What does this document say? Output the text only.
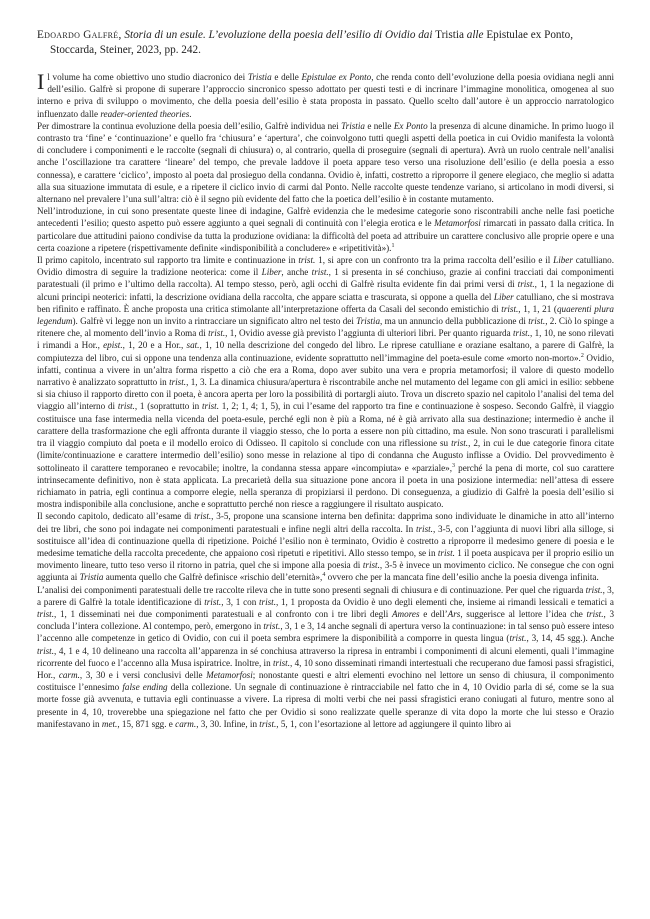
Edoardo Galfré, Storia di un esule. L’evoluzione della poesia dell’esilio di Ovidio dai Tristia alle Epistulae ex Ponto, Stoccarda, Steiner, 2023, pp. 242.

Il volume ha come obiettivo uno studio diacronico dei Tristia e delle Epistulae ex Ponto, che renda conto dell’evoluzione della poesia ovidiana negli anni dell’esilio. Galfrè si propone di superare l’approccio sincronico spesso adottato per questi testi e di incrinare l’immagine monolitica, omogenea al suo interno e priva di sviluppo o movimento, che della poesia dell’esilio è stata proposta in passato. Quello scelto dall’autore è un approccio narratologico influenzato dalle reader-oriented theories.

Per dimostrare la continua evoluzione della poesia dell’esilio, Galfrè individua nei Tristia e nelle Ex Ponto la presenza di alcune dinamiche. In primo luogo il contrasto tra ‘fine’ e ‘continuazione’ e quello fra ‘chiusura’ e ‘apertura’, che coinvolgono tutti quegli aspetti della poetica in cui Ovidio manifesta la volontà di concludere i componimenti e le raccolte (segnali di chiusura) o, al contrario, quella di proseguire (segnali di apertura). Avrà un ruolo centrale nell’analisi anche l’oscillazione tra carattere ‘lineare’ del tempo, che prevale laddove il poeta appare teso verso una risoluzione dell’esilio (e della poesia a esso connessa), e carattere ‘ciclico’, imposto al poeta dal prosieguo della condanna. Ovidio è, infatti, costretto a riproporre il genere elegiaco, che meglio si adatta alla sua situazione immutata di esule, e a ripetere il ciclico invio di carmi dal Ponto. Nelle raccolte queste tendenze variano, si articolano in modi diversi, si alternano nel prevalere l’una sull’altra: ciò è il segno più evidente del fatto che la poetica dell’esilio è in costante mutamento.

Nell’introduzione, in cui sono presentate queste linee di indagine, Galfrè evidenzia che le medesime categorie sono riscontrabili anche nelle fasi poetiche antecedenti l’esilio; questo aspetto può essere aggiunto a quei segnali di continuità con l’elegia erotica e le Metamorfosi rimarcati in passato dalla critica. In particolare due attitudini paiono condivise da tutta la produzione ovidiana: la difficoltà del poeta ad attribuire un carattere conclusivo alle proprie opere e una certa coazione a ripetere (rispettivamente definite «indisponibilità a concludere» e «ripetitività»).$^1$

Il primo capitolo, incentrato sul rapporto tra limite e continuazione in trist. 1, si apre con un confronto tra la prima raccolta dell’esilio e il Liber catulliano. Ovidio dimostra di seguire la tradizione neoterica: come il Liber, anche trist., 1 si presenta in sé conchiuso, grazie ai confini tracciati dai componimenti paratestuali (il primo e l’ultimo della raccolta). Al tempo stesso, però, agli occhi di Galfrè risulta evidente fin dai primi versi di trist., 1, 1 la negazione di alcuni principi neoterici: infatti, la descrizione ovidiana della raccolta, che appare sciatta e trascurata, si oppone a quella del Liber catulliano, che si mostrava ben rifinito e raffinato. È anche proposta una critica stimolante all’interpretazione offerta da Casali del secondo emistichio di trist., 1, 1, 21 (quaerenti plura legendum). Galfrè vi legge non un invito a rintracciare un significato altro nel testo dei Tristia, ma un annuncio della pubblicazione di trist., 2. Ciò lo spinge a ritenere che, al momento dell’invio a Roma di trist., 1, Ovidio avesse già previsto l’aggiunta di ulteriori libri. Per quanto riguarda trist., 1, 10, ne sono rilevati i rimandi a Hor., epist., 1, 20 e a Hor., sat., 1, 10 nella descrizione del congedo del libro. Le riprese catulliane e oraziane esaltano, a parere di Galfrè, la compiutezza del libro, cui si oppone una tendenza alla continuazione, evidente soprattutto nell’immagine del poeta-esule come «morto non-morto».$^2$ Ovidio, infatti, continua a vivere in un’altra forma rispetto a ciò che era a Roma, dopo aver subito una vera e propria metamorfosi; il valore di questo modello narrativo è analizzato soprattutto in trist., 1, 3. La dinamica chiusura/apertura è riscontrabile anche nel mutamento del legame con gli amici in esilio: sebbene si sia chiuso il rapporto diretto con il poeta, è ancora aperta per loro la possibilità di portargli aiuto. Trova un discreto spazio nel capitolo l’analisi del tema del viaggio all’interno di trist., 1 (soprattutto in trist. 1, 2; 1, 4; 1, 5), in cui l’esame del rapporto tra fine e continuazione è sospeso. Secondo Galfrè, il viaggio costituisce una fase intermedia nella vicenda del poeta-esule, perché egli non è più a Roma, né è già arrivato alla sua destinazione; intermedio è anche il carattere della trasformazione che egli affronta durante il viaggio stesso, che lo porta a essere non più cittadino, ma esule. Non sono trascurati i parallelismi tra il viaggio compiuto dal poeta e il modello eroico di Odisseo. Il capitolo si conclude con una riflessione su trist., 2, in cui le due categorie finora citate (limite/continuazione e carattere intermedio dell’esilio) sono messe in relazione al tipo di condanna che Augusto inflisse a Ovidio. Del provvedimento è sottolineato il carattere temporaneo e revocabile; inoltre, la condanna stessa appare «incompiuta» e «parziale»,$^3$ perché la pena di morte, col suo carattere intrinsecamente definitivo, non è stata applicata. La precarietà della sua situazione pone ancora il poeta in una posizione intermedia: nell’attesa di essere richiamato in patria, egli continua a comporre elegie, nella speranza di propiziarsi il perdono. Di conseguenza, a giudizio di Galfrè la poesia dell’esilio si mostra indisponibile alla conclusione, anche e soprattutto perché non riesce a raggiungere il risultato auspicato.

Il secondo capitolo, dedicato all’esame di trist., 3-5, propone una scansione interna ben definita: dapprima sono individuate le dinamiche in atto all’interno dei tre libri, che sono poi indagate nei componimenti paratestuali e infine negli altri della raccolta. In trist., 3-5, con l’aggiunta di nuovi libri alla silloge, si sostituisce all’idea di continuazione quella di ripetizione. Poiché l’esilio non è terminato, Ovidio è costretto a riproporre il medesimo genere di poesia e le medesime tematiche della raccolta precedente, che appaiono così ripetuti e ripetitivi. Allo stesso tempo, se in trist. 1 il poeta auspicava per il proprio esilio un movimento lineare, tutto teso verso il ritorno in patria, quel che si impone alla poesia di trist., 3-5 è invece un movimento ciclico. Ne consegue che con ogni aggiunta ai Tristia aumenta quello che Galfrè definisce «rischio dell’eternità»,$^4$ ovvero che per la mancata fine dell’esilio anche la poesia divenga infinita.

L’analisi dei componimenti paratestuali delle tre raccolte rileva che in tutte sono presenti segnali di chiusura e di continuazione. Per quel che riguarda trist., 3, a parere di Galfrè la totale identificazione di trist., 3, 1 con trist., 1, 1 proposta da Ovidio è uno degli elementi che, insieme ai rimandi lessicali e tematici a trist., 1, 1 disseminati nei due componimenti paratestuali e al confronto con i tre libri degli Amores e dell’Ars, suggerisce al lettore l’idea che trist., 3 concluda l’intera collezione. Al contempo, però, emergono in trist., 3, 1 e 3, 14 anche segnali di apertura verso la continuazione: in tal senso può essere inteso l’accenno alle competenze in getico di Ovidio, con cui il poeta sembra esprimere la disponibilità a comporre in questa lingua (trist., 3, 14, 45 sgg.). Anche trist., 4, 1 e 4, 10 delineano una raccolta all’apparenza in sé conchiusa attraverso la ripresa in entrambi i componimenti di alcuni elementi, quali l’immagine ricorrente del fuoco e l’accenno alla Musa ispiratrice. Inoltre, in trist., 4, 10 sono disseminati rimandi intertestuali che recuperano due famosi passi sfragistici, Hor., carm., 3, 30 e i versi conclusivi delle Metamorfosi; nonostante questi e altri elementi evochino nel lettore un senso di chiusura, il componimento costituisce l’ennesimo false ending della collezione. Un segnale di continuazione è rintracciabile nel fatto che in 4, 10 Ovidio parla di sé, come se la sua morte fosse già avvenuta, e tuttavia egli continuasse a vivere. La ripresa di molti verbi che nei passi sfragistici erano coniugati al futuro, mentre sono al presente in 4, 10, troverebbe una spiegazione nel fatto che per Ovidio si sono realizzate quelle speranze di vita dopo la morte che lui stesso e Orazio manifestavano in met., 15, 871 sgg. e carm., 3, 30. Infine, in trist., 5, 1, con l’esortazione al lettore ad aggiungere il quinto libro ai
